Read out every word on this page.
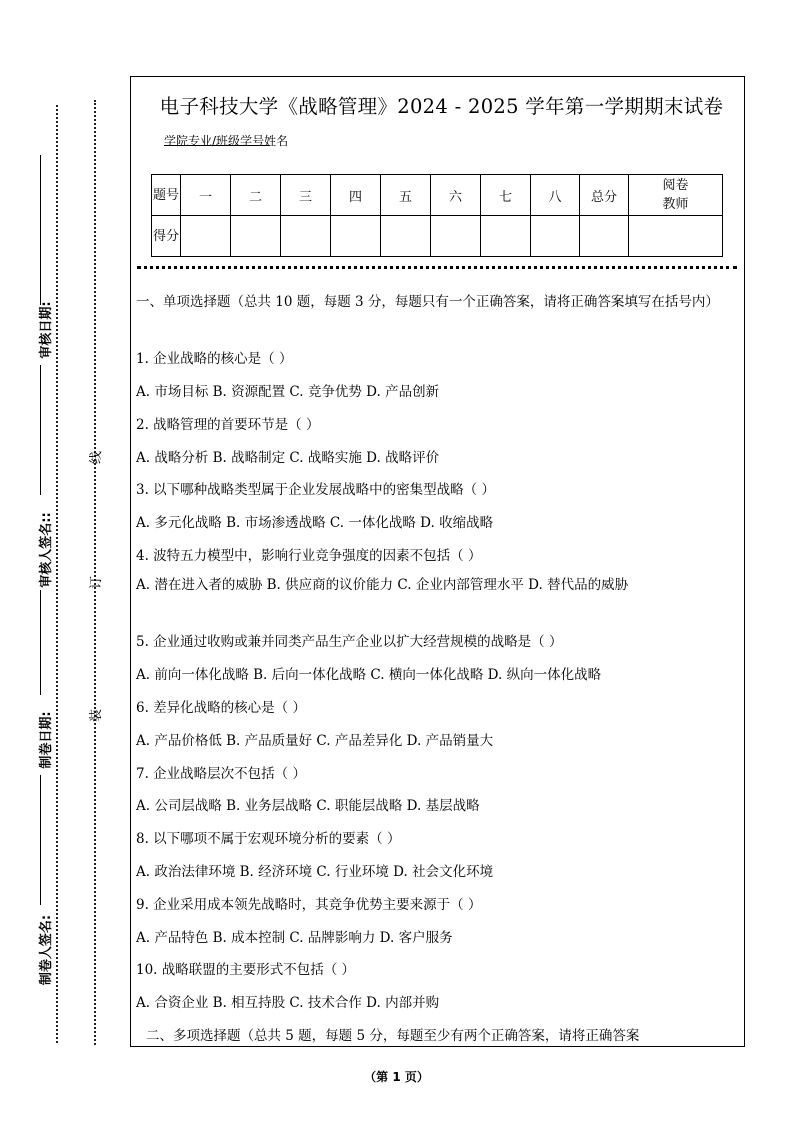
审核日期:
审核人签名::
制卷日期:
制卷人签名:
线
订
装
电子科技大学《战略管理》2024 - 2025 学年第一学期期末试卷
学院
专业/班级
学号
姓名
题号	一	二	三	四	五	六	七	八	总分	阅卷教师
得分										
一、单项选择题（总共 10 题，每题 3 分，每题只有一个正确答案，请将正确答案填写在括号内）
1. 企业战略的核心是（ ）
A. 市场目标 B. 资源配置 C. 竞争优势 D. 产品创新
2. 战略管理的首要环节是（ ）
A. 战略分析 B. 战略制定 C. 战略实施 D. 战略评价
3. 以下哪种战略类型属于企业发展战略中的密集型战略（ ）
A. 多元化战略 B. 市场渗透战略 C. 一体化战略 D. 收缩战略
4. 波特五力模型中，影响行业竞争强度的因素不包括（ ）
A. 潜在进入者的威胁 B. 供应商的议价能力 C. 企业内部管理水平 D. 替代品的威胁
5. 企业通过收购或兼并同类产品生产企业以扩大经营规模的战略是（ ）
A. 前向一体化战略 B. 后向一体化战略 C. 横向一体化战略 D. 纵向一体化战略
6. 差异化战略的核心是（ ）
A. 产品价格低 B. 产品质量好 C. 产品差异化 D. 产品销量大
7. 企业战略层次不包括（ ）
A. 公司层战略 B. 业务层战略 C. 职能层战略 D. 基层战略
8. 以下哪项不属于宏观环境分析的要素（ ）
A. 政治法律环境 B. 经济环境 C. 行业环境 D. 社会文化环境
9. 企业采用成本领先战略时，其竞争优势主要来源于（ ）
A. 产品特色 B. 成本控制 C. 品牌影响力 D. 客户服务
10. 战略联盟的主要形式不包括（ ）
A. 合资企业 B. 相互持股 C. 技术合作 D. 内部并购
二、多项选择题（总共 5 题，每题 5 分，每题至少有两个正确答案，请将正确答案
（第 1 页）
